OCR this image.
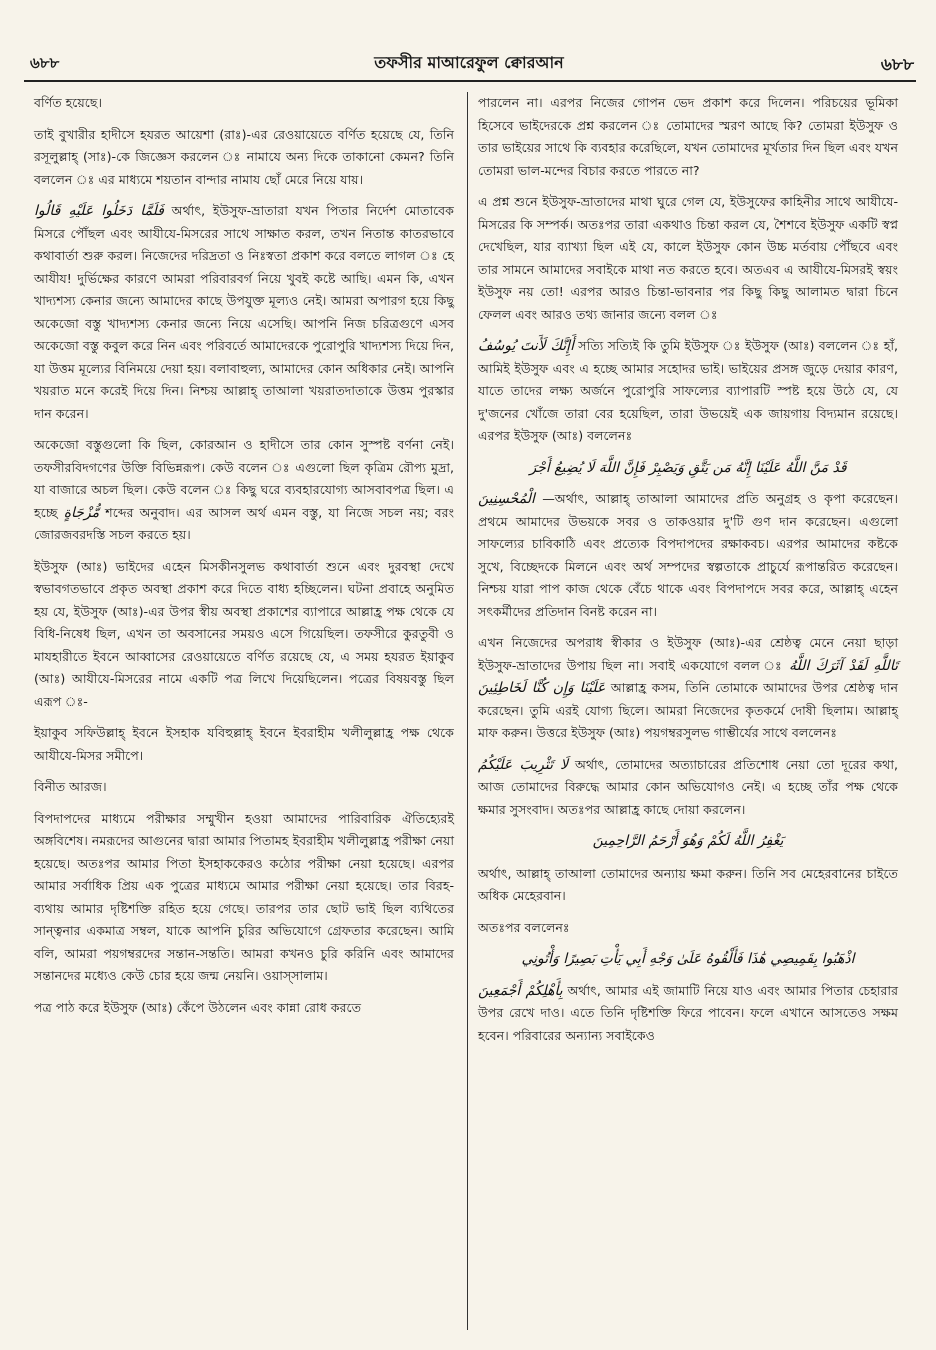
৬৮৮	তফসীর মাআরেফুল ক্বোরআন	৬৮৮

বর্ণিত হয়েছে।

তাই বুখারীর হাদীসে হযরত আয়েশা (রাঃ)-এর রেওয়ায়েতে বর্ণিত হয়েছে যে, তিনি রসূলুল্লাহ্ (সাঃ)-কে জিজ্ঞেস করলেন ঃ নামাযে অন্য দিকে তাকানো কেমন? তিনি বললেন ঃ এর মাধ্যমে শয়তান বান্দার নামায ছোঁ মেরে নিয়ে যায়।

فَلَمَّا دَخَلُوا عَلَيْهِ قَالُوا অর্থাৎ, ইউসুফ-ভ্রাতারা যখন পিতার নির্দেশ মোতাবেক মিসরে পৌঁছল এবং আযীযে-মিসরের সাথে সাক্ষাত করল, তখন নিতান্ত কাতরভাবে কথাবার্তা শুরু করল। নিজেদের দরিদ্রতা ও নিঃস্বতা প্রকাশ করে বলতে লাগল ঃ হে আযীয! দুর্ভিক্ষের কারণে আমরা পরিবারবর্গ নিয়ে খুবই কষ্টে আছি। এমন কি, এখন খাদ্যশস্য কেনার জন্যে আমাদের কাছে উপযুক্ত মূল্যও নেই। আমরা অপারগ হয়ে কিছু অকেজো বস্তু খাদ্যশস্য কেনার জন্যে নিয়ে এসেছি। আপনি নিজ চরিত্রগুণে এসব অকেজো বস্তু কবুল করে নিন এবং পরিবর্তে আমাদেরকে পুরোপুরি খাদ্যশস্য দিয়ে দিন, যা উত্তম মূল্যের বিনিময়ে দেয়া হয়। বলাবাহুল্য, আমাদের কোন অধিকার নেই। আপনি খয়রাত মনে করেই দিয়ে দিন। নিশ্চয় আল্লাহ্ তাআলা খয়রাতদাতাকে উত্তম পুরস্কার দান করেন।

অকেজো বস্তুগুলো কি ছিল, কোরআন ও হাদীসে তার কোন সুস্পষ্ট বর্ণনা নেই। তফসীরবিদগণের উক্তি বিভিন্নরূপ। কেউ বলেন ঃ এগুলো ছিল কৃত্রিম রৌপ্য মুদ্রা, যা বাজারে অচল ছিল। কেউ বলেন ঃ কিছু ঘরে ব্যবহারযোগ্য আসবাবপত্র ছিল। এ হচ্ছে مُّزْجَاةٍ শব্দের অনুবাদ। এর আসল অর্থ এমন বস্তু, যা নিজে সচল নয়; বরং জোরজবরদস্তি সচল করতে হয়।

ইউসুফ (আঃ) ভাইদের এহেন মিসকীনসুলভ কথাবার্তা শুনে এবং দুরবস্থা দেখে স্বভাবগতভাবে প্রকৃত অবস্থা প্রকাশ করে দিতে বাধ্য হচ্ছিলেন। ঘটনা প্রবাহে অনুমিত হয় যে, ইউসুফ (আঃ)-এর উপর স্বীয় অবস্থা প্রকাশের ব্যাপারে আল্লাহ্র পক্ষ থেকে যে বিধি-নিষেধ ছিল, এখন তা অবসানের সময়ও এসে গিয়েছিল। তফসীরে কুরতুবী ও মাযহারীতে ইবনে আব্বাসের রেওয়ায়েতে বর্ণিত রয়েছে যে, এ সময় হযরত ইয়াকুব (আঃ) আযীযে-মিসরের নামে একটি পত্র লিখে দিয়েছিলেন। পত্রের বিষয়বস্তু ছিল এরূপ ঃ-

ইয়াকুব সফিউল্লাহ্ ইবনে ইসহাক যবিহুল্লাহ্ ইবনে ইবরাহীম খলীলুল্লাহ্র পক্ষ থেকে আযীযে-মিসর সমীপে।

বিনীত আরজ।

বিপদাপদের মাধ্যমে পরীক্ষার সম্মুখীন হওয়া আমাদের পারিবারিক ঐতিহ্যেরই অঙ্গবিশেষ। নমরূদের আগুনের দ্বারা আমার পিতামহ ইবরাহীম খলীলুল্লাহ্র পরীক্ষা নেয়া হয়েছে। অতঃপর আমার পিতা ইসহাককেরও কঠোর পরীক্ষা নেয়া হয়েছে। এরপর আমার সর্বাধিক প্রিয় এক পুত্রের মাধ্যমে আমার পরীক্ষা নেয়া হয়েছে। তার বিরহ-ব্যথায় আমার দৃষ্টিশক্তি রহিত হয়ে গেছে। তারপর তার ছোট ভাই ছিল ব্যথিতের সান্ত্বনার একমাত্র সম্বল, যাকে আপনি চুরির অভিযোগে গ্রেফতার করেছেন। আমি বলি, আমরা পয়গম্বরদের সন্তান-সন্ততি। আমরা কখনও চুরি করিনি এবং আমাদের সন্তানদের মধ্যেও কেউ চোর হয়ে জন্ম নেয়নি। ওয়াস্সালাম।

পত্র পাঠ করে ইউসুফ (আঃ) কেঁপে উঠলেন এবং কান্না রোধ করতে

পারলেন না। এরপর নিজের গোপন ভেদ প্রকাশ করে দিলেন। পরিচয়ের ভূমিকা হিসেবে ভাইদেরকে প্রশ্ন করলেন ঃ তোমাদের স্মরণ আছে কি? তোমরা ইউসুফ ও তার ভাইয়ের সাথে কি ব্যবহার করেছিলে, যখন তোমাদের মূর্খতার দিন ছিল এবং যখন তোমরা ভাল-মন্দের বিচার করতে পারতে না?

এ প্রশ্ন শুনে ইউসুফ-ভ্রাতাদের মাথা ঘুরে গেল যে, ইউসুফের কাহিনীর সাথে আযীযে-মিসরের কি সম্পর্ক। অতঃপর তারা একথাও চিন্তা করল যে, শৈশবে ইউসুফ একটি স্বপ্ন দেখেছিল, যার ব্যাখ্যা ছিল এই যে, কালে ইউসুফ কোন উচ্চ মর্তবায় পৌঁছবে এবং তার সামনে আমাদের সবাইকে মাথা নত করতে হবে। অতএব এ আযীযে-মিসরই স্বয়ং ইউসুফ নয় তো! এরপর আরও চিন্তা-ভাবনার পর কিছু কিছু আলামত দ্বারা চিনে ফেলল এবং আরও তথ্য জানার জন্যে বলল ঃ

أَإِنَّكَ لَأَنتَ يُوسُفُ সত্যি সত্যিই কি তুমি ইউসুফ ঃ ইউসুফ (আঃ) বললেন ঃ হাঁ, আমিই ইউসুফ এবং এ হচ্ছে আমার সহোদর ভাই। ভাইয়ের প্রসঙ্গ জুড়ে দেয়ার কারণ, যাতে তাদের লক্ষ্য অর্জনে পুরোপুরি সাফল্যের ব্যাপারটি স্পষ্ট হয়ে উঠে যে, যে দু'জনের খোঁজে তারা বের হয়েছিল, তারা উভয়েই এক জায়গায় বিদ্যমান রয়েছে। এরপর ইউসুফ (আঃ) বললেনঃ

قَدْ مَنَّ اللَّهُ عَلَيْنَا إِنَّهُ مَن يَتَّقِ وَيَصْبِرْ فَإِنَّ اللَّهَ لَا يُضِيعُ أَجْرَ

الْمُحْسِنِينَ —অর্থাৎ, আল্লাহ্ তাআলা আমাদের প্রতি অনুগ্রহ ও কৃপা করেছেন। প্রথমে আমাদের উভয়কে সবর ও তাকওয়ার দু'টি গুণ দান করেছেন। এগুলো সাফল্যের চাবিকাঠি এবং প্রত্যেক বিপদাপদের রক্ষাকবচ। এরপর আমাদের কষ্টকে সুখে, বিচ্ছেদকে মিলনে এবং অর্থ সম্পদের স্বল্পতাকে প্রাচুর্যে রূপান্তরিত করেছেন। নিশ্চয় যারা পাপ কাজ থেকে বেঁচে থাকে এবং বিপদাপদে সবর করে, আল্লাহ্ এহেন সৎকর্মীদের প্রতিদান বিনষ্ট করেন না।

এখন নিজেদের অপরাধ স্বীকার ও ইউসুফ (আঃ)-এর শ্রেষ্ঠত্ব মেনে নেয়া ছাড়া ইউসুফ-ভ্রাতাদের উপায় ছিল না। সবাই একযোগে বলল ঃ تَاللَّهِ لَقَدْ آثَرَكَ اللَّهُ عَلَيْنَا وَإِن كُنَّا لَخَاطِئِينَ আল্লাহ্র কসম, তিনি তোমাকে আমাদের উপর শ্রেষ্ঠত্ব দান করেছেন। তুমি এরই যোগ্য ছিলে। আমরা নিজেদের কৃতকর্মে দোষী ছিলাম। আল্লাহ্ মাফ করুন। উত্তরে ইউসুফ (আঃ) পয়গম্বরসুলভ গাম্ভীর্যের সাথে বললেনঃ

لَا تَثْرِيبَ عَلَيْكُمُ অর্থাৎ, তোমাদের অত্যাচারের প্রতিশোধ নেয়া তো দূরের কথা, আজ তোমাদের বিরুদ্ধে আমার কোন অভিযোগও নেই। এ হচ্ছে তাঁর পক্ষ থেকে ক্ষমার সুসংবাদ। অতঃপর আল্লাহ্র কাছে দোয়া করলেন।

يَغْفِرُ اللَّهُ لَكُمْ وَهُوَ أَرْحَمُ الرَّاحِمِينَ

অর্থাৎ, আল্লাহ্ তাআলা তোমাদের অন্যায় ক্ষমা করুন। তিনি সব মেহেরবানের চাইতে অধিক মেহেরবান।

অতঃপর বললেনঃ

اذْهَبُوا بِقَمِيصِي هَٰذَا فَأَلْقُوهُ عَلَىٰ وَجْهِ أَبِي يَأْتِ بَصِيرًا وَأْتُونِي

بِأَهْلِكُمْ أَجْمَعِينَ অর্থাৎ, আমার এই জামাটি নিয়ে যাও এবং আমার পিতার চেহারার উপর রেখে দাও। এতে তিনি দৃষ্টিশক্তি ফিরে পাবেন। ফলে এখানে আসতেও সক্ষম হবেন। পরিবারের অন্যান্য সবাইকেও
